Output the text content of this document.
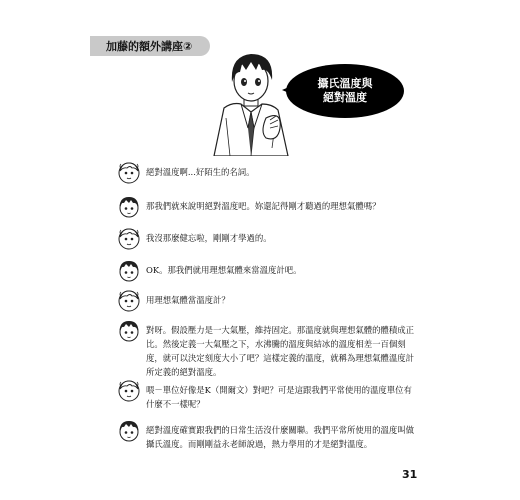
加藤的額外講座②
攝氏溫度與
絕對溫度
絕對溫度啊...好陌生的名詞。
那我們就來說明絕對溫度吧。妳還記得剛才聽過的理想氣體嗎？
我沒那麼健忘啦，剛剛才學過的。
OK。那我們就用理想氣體來當溫度計吧。
用理想氣體當溫度計？
對呀。假設壓力是一大氣壓，維持固定。那溫度就與理想氣體的體積成正比。然後定義一大氣壓之下，水沸騰的溫度與結冰的溫度相差一百個刻度，就可以決定刻度大小了吧？這樣定義的溫度，就稱為理想氣體溫度計所定義的絕對溫度。
喂－單位好像是K（開爾文）對吧？可是這跟我們平常使用的溫度單位有什麼不一樣呢？
絕對溫度確實跟我們的日常生活沒什麼關聯。我們平常所使用的溫度叫做攝氏溫度。而剛剛益永老師說過，熱力學用的才是絕對溫度。
31
